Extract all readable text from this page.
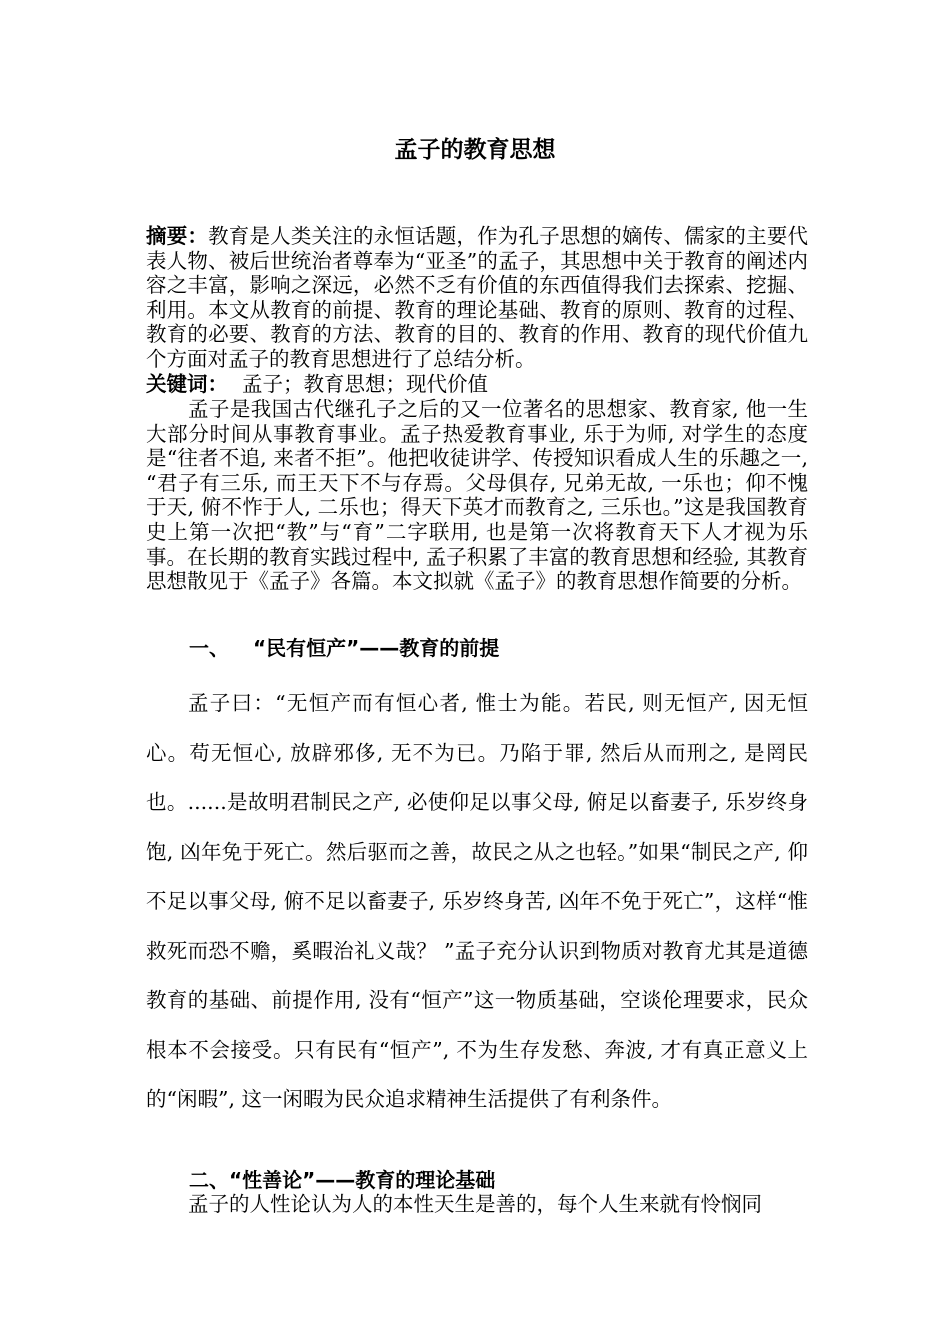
孟子的教育思想

摘要：教育是人类关注的永恒话题，作为孔子思想的嫡传、儒家的主要代表人物、被后世统治者尊奉为“亚圣”的孟子，其思想中关于教育的阐述内容之丰富，影响之深远，必然不乏有价值的东西值得我们去探索、挖掘、利用。本文从教育的前提、教育的理论基础、教育的原则、教育的过程、教育的必要、教育的方法、教育的目的、教育的作用、教育的现代价值九个方面对孟子的教育思想进行了总结分析。

关键词： 孟子；教育思想；现代价值

孟子是我国古代继孔子之后的又一位著名的思想家、教育家, 他一生大部分时间从事教育事业。孟子热爱教育事业, 乐于为师, 对学生的态度是“往者不追, 来者不拒”。他把收徒讲学、传授知识看成人生的乐趣之一, “君子有三乐, 而王天下不与存焉。父母俱存, 兄弟无故, 一乐也；仰不愧于天, 俯不怍于人, 二乐也；得天下英才而教育之, 三乐也。”这是我国教育史上第一次把“教”与“育”二字联用, 也是第一次将教育天下人才视为乐事。在长期的教育实践过程中, 孟子积累了丰富的教育思想和经验, 其教育思想散见于《孟子》各篇。本文拟就《孟子》的教育思想作简要的分析。

一、 “民有恒产”——教育的前提

孟子曰：“无恒产而有恒心者, 惟士为能。若民, 则无恒产, 因无恒心。苟无恒心, 放辟邪侈, 无不为已。乃陷于罪, 然后从而刑之, 是罔民也。......是故明君制民之产, 必使仰足以事父母, 俯足以畜妻子, 乐岁终身饱, 凶年免于死亡。然后驱而之善，故民之从之也轻。”如果“制民之产, 仰不足以事父母, 俯不足以畜妻子, 乐岁终身苦, 凶年不免于死亡”，这样“惟救死而恐不赡，奚暇治礼义哉？ ”孟子充分认识到物质对教育尤其是道德教育的基础、前提作用, 没有“恒产”这一物质基础，空谈伦理要求，民众根本不会接受。只有民有“恒产”, 不为生存发愁、奔波, 才有真正意义上的“闲暇”, 这一闲暇为民众追求精神生活提供了有利条件。

二、“性善论”——教育的理论基础

孟子的人性论认为人的本性天生是善的，每个人生来就有怜悯同
